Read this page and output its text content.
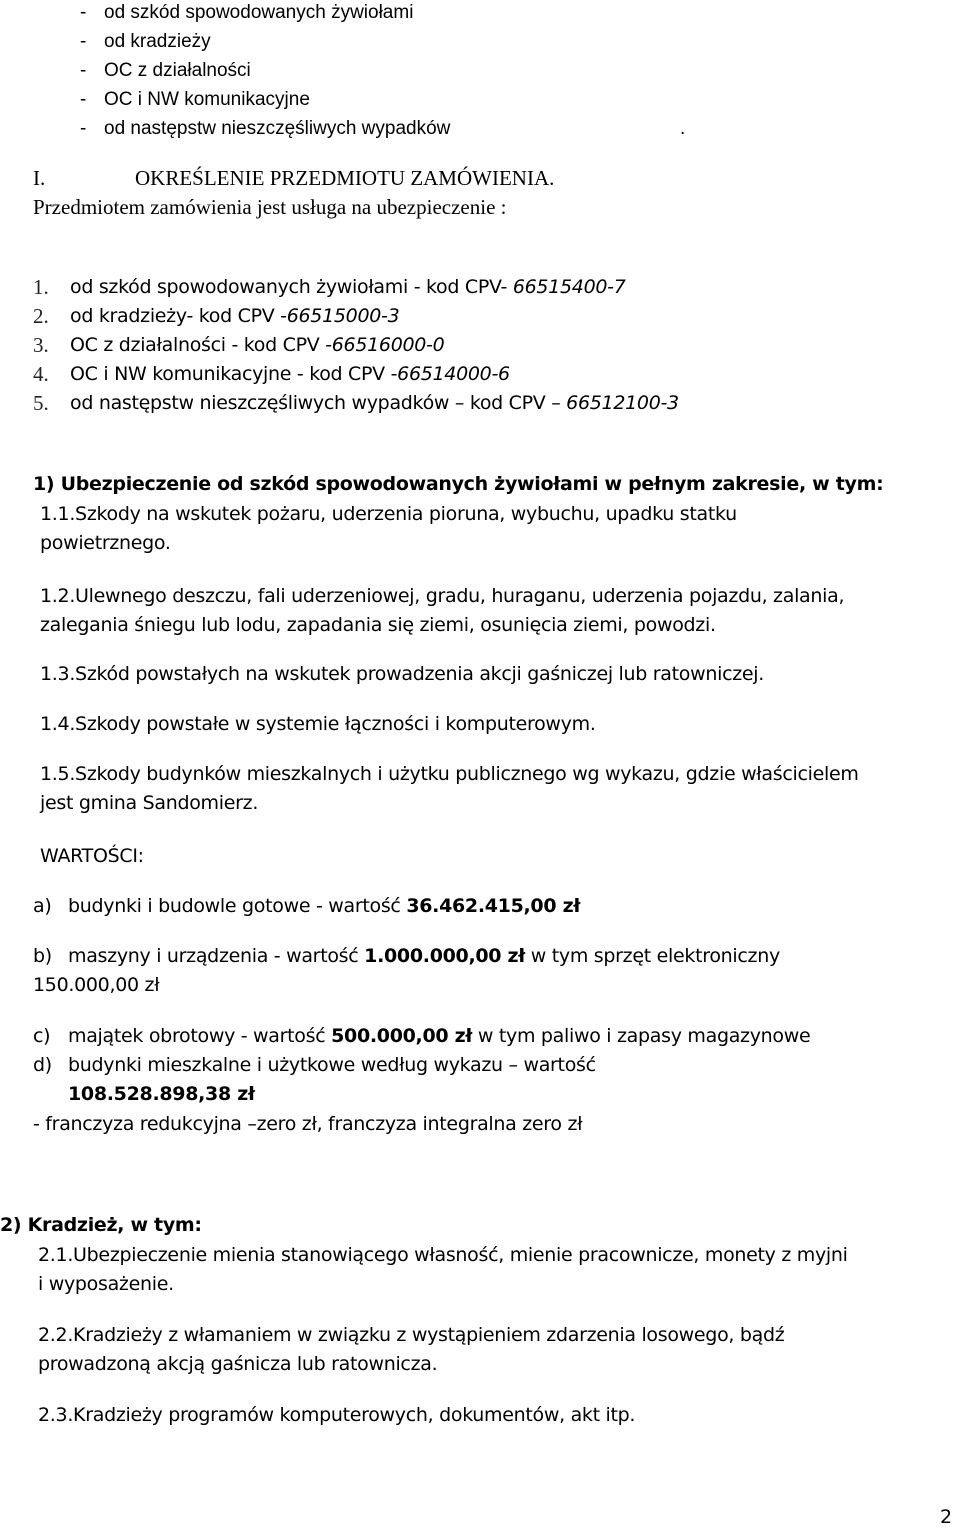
- od szkód spowodowanych żywiołami
- od kradzieży
- OC z działalności
- OC i NW komunikacyjne
- od następstw nieszczęśliwych wypadków	.
I.	OKREŚLENIE PRZEDMIOTU ZAMÓWIENIA.
Przedmiotem zamówienia jest usługa na ubezpieczenie :
1. od szkód spowodowanych żywiołami - kod CPV- 66515400-7
2. od kradzieży- kod CPV -66515000-3
3. OC z działalności - kod CPV -66516000-0
4. OC i NW komunikacyjne - kod CPV -66514000-6
5. od następstw nieszczęśliwych wypadków – kod CPV – 66512100-3
1) Ubezpieczenie od szkód spowodowanych żywiołami w pełnym zakresie, w tym:
1.1.Szkody na wskutek pożaru, uderzenia pioruna, wybuchu, upadku statku
powietrznego.
1.2.Ulewnego deszczu, fali uderzeniowej, gradu, huraganu, uderzenia pojazdu, zalania,
zalegania śniegu lub lodu, zapadania się ziemi, osunięcia ziemi, powodzi.
1.3.Szkód powstałych na wskutek prowadzenia akcji gaśniczej lub ratowniczej.
1.4.Szkody powstałe w systemie łączności i komputerowym.
1.5.Szkody budynków mieszkalnych i użytku publicznego wg wykazu, gdzie właścicielem
jest gmina Sandomierz.
WARTOŚCI:
a) budynki i budowle gotowe - wartość 36.462.415,00 zł
b) maszyny i urządzenia - wartość 1.000.000,00 zł w tym sprzęt elektroniczny
150.000,00 zł
c) majątek obrotowy - wartość 500.000,00 zł w tym paliwo i zapasy magazynowe
d) budynki mieszkalne i użytkowe według wykazu – wartość
108.528.898,38 zł
- franczyza redukcyjna –zero zł, franczyza integralna zero zł
2) Kradzież, w tym:
2.1.Ubezpieczenie mienia stanowiącego własność, mienie pracownicze, monety z myjni
i wyposażenie.
2.2.Kradzieży z włamaniem w związku z wystąpieniem zdarzenia losowego, bądź
prowadzoną akcją gaśnicza lub ratownicza.
2.3.Kradzieży programów komputerowych, dokumentów, akt itp.
2
